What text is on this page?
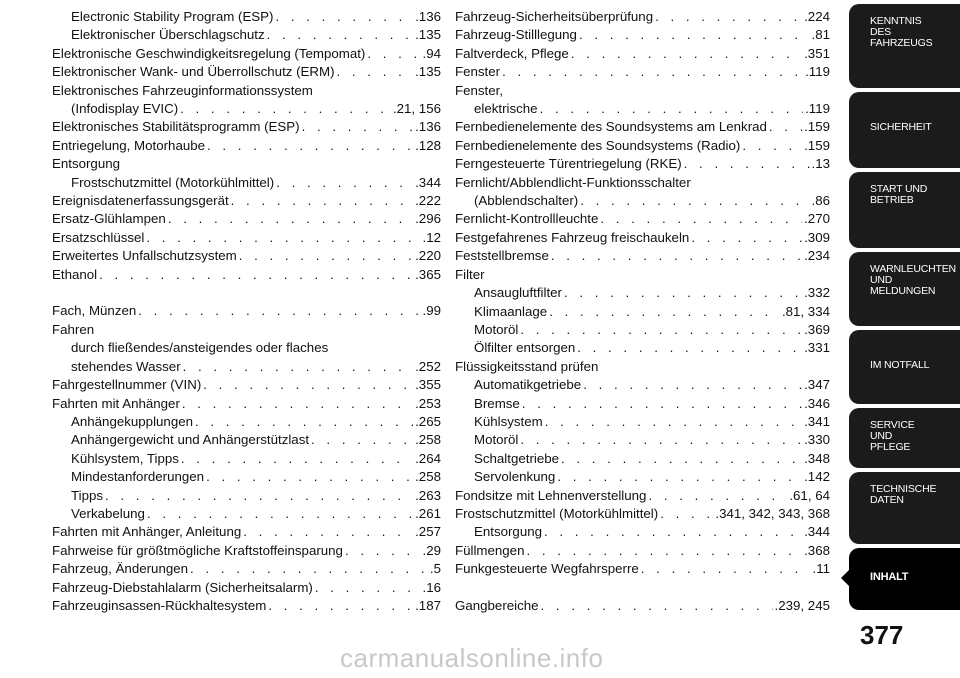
Electronic Stability Program (ESP) . . .	.136
Elektronischer Überschlagschutz . . .	.135
Elektronische Geschwindigkeitsregelung (Tempomat) . . .	.94
Elektronischer Wank- und Überrollschutz (ERM) . . .	.135
Elektronisches Fahrzeuginformationssystem
(Infodisplay EVIC) . . .	.21, 156
Elektronisches Stabilitätsprogramm (ESP) . . .	.136
Entriegelung, Motorhaube . . .	.128
Entsorgung
Frostschutzmittel (Motorkühlmittel) . . .	.344
Ereignisdatenerfassungsgerät . . .	.222
Ersatz-Glühlampen . . .	.296
Ersatzschlüssel . . .	.12
Erweitertes Unfallschutzsystem . . .	.220
Ethanol . . .	.365
Fach, Münzen . . .	.99
Fahren
durch fließendes/ansteigendes oder flaches
stehendes Wasser . . .	.252
Fahrgestellnummer (VIN) . . .	.355
Fahrten mit Anhänger . . .	.253
Anhängekupplungen . . .	.265
Anhängergewicht und Anhängerstützlast . . .	.258
Kühlsystem, Tipps . . .	.264
Mindestanforderungen . . .	.258
Tipps . . .	.263
Verkabelung . . .	.261
Fahrten mit Anhänger, Anleitung . . .	.257
Fahrweise für größtmögliche Kraftstoffeinsparung . . .	.29
Fahrzeug, Änderungen . . .	.5
Fahrzeug-Diebstahlalarm (Sicherheitsalarm) . . .	.16
Fahrzeuginsassen-Rückhaltesystem . . .	.187
Fahrzeug-Sicherheitsüberprüfung . . .	.224
Fahrzeug-Stilllegung . . .	.81
Faltverdeck, Pflege . . .	.351
Fenster . . .	.119
Fenster,
elektrische . . .	.119
Fernbedienelemente des Soundsystems am Lenkrad . . .	.159
Fernbedienelemente des Soundsystems (Radio) . . .	.159
Ferngesteuerte Türentriegelung (RKE) . . .	.13
Fernlicht/Abblendlicht-Funktionsschalter
(Abblendschalter) . . .	.86
Fernlicht-Kontrollleuchte . . .	.270
Festgefahrenes Fahrzeug freischaukeln . . .	.309
Feststellbremse . . .	.234
Filter
Ansaugluftfilter . . .	.332
Klimaanlage . . .	.81, 334
Motoröl . . .	.369
Ölfilter entsorgen . . .	.331
Flüssigkeitsstand prüfen
Automatikgetriebe . . .	.347
Bremse . . .	.346
Kühlsystem . . .	.341
Motoröl . . .	.330
Schaltgetriebe . . .	.348
Servolenkung . . .	.142
Fondsitze mit Lehnenverstellung . . .	.61, 64
Frostschutzmittel (Motorkühlmittel) . . .	.341, 342, 343, 368
Entsorgung . . .	.344
Füllmengen . . .	.368
Funkgesteuerte Wegfahrsperre . . .	.11
Gangbereiche . . .	.239, 245
KENNTNIS
DES
FAHRZEUGS
SICHERHEIT
START UND
BETRIEB
WARNLEUCHTEN
UND
MELDUNGEN
IM NOTFALL
SERVICE
UND
PFLEGE
TECHNISCHE
DATEN
INHALT
377
carmanualsonline.info
